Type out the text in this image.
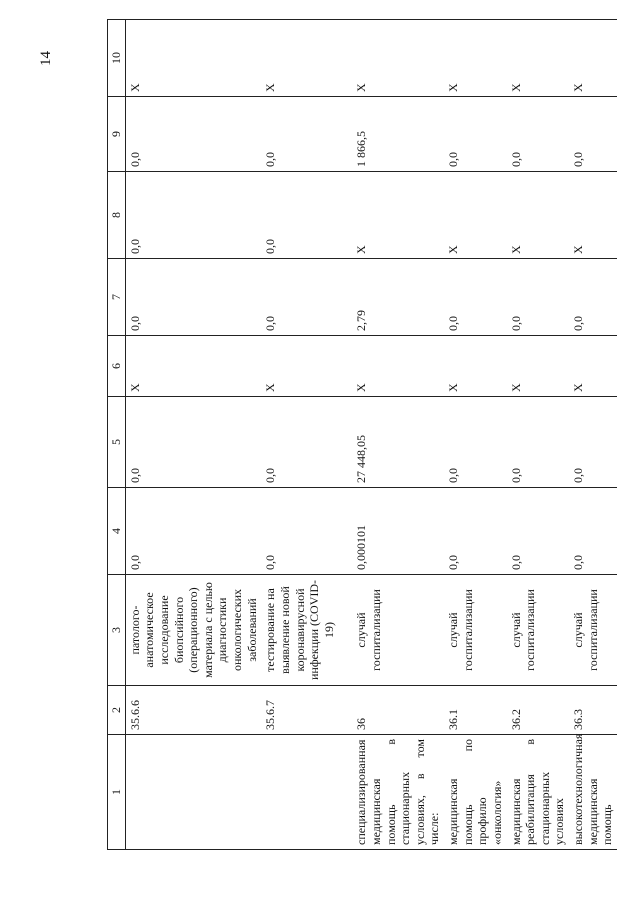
14
1	2	3	4	5	6	7	8	9	10
	35.6.6	патолого-анатомическое исследование биопсийного (операционного) материала с целью диагностики онкологических заболеваний	0,0	0,0	Х	0,0	0,0	0,0	Х
	35.6.7	тестирование на выявление новой коронавирусной инфекции (COVID-19)	0,0	0,0	Х	0,0	0,0	0,0	Х
специализированная медицинская помощь в стационарных условиях, в том числе:	36	случай госпитализации	0,000101	27 448,05	Х	2,79	Х	1 866,5	Х
медицинская помощь по профилю «онкология»	36.1	случай госпитализации	0,0	0,0	Х	0,0	Х	0,0	Х
медицинская реабилитация в стационарных условиях	36.2	случай госпитализации	0,0	0,0	Х	0,0	Х	0,0	Х
высокотехнологичная медицинская помощь	36.3	случай госпитализации	0,0	0,0	Х	0,0	Х	0,0	Х
